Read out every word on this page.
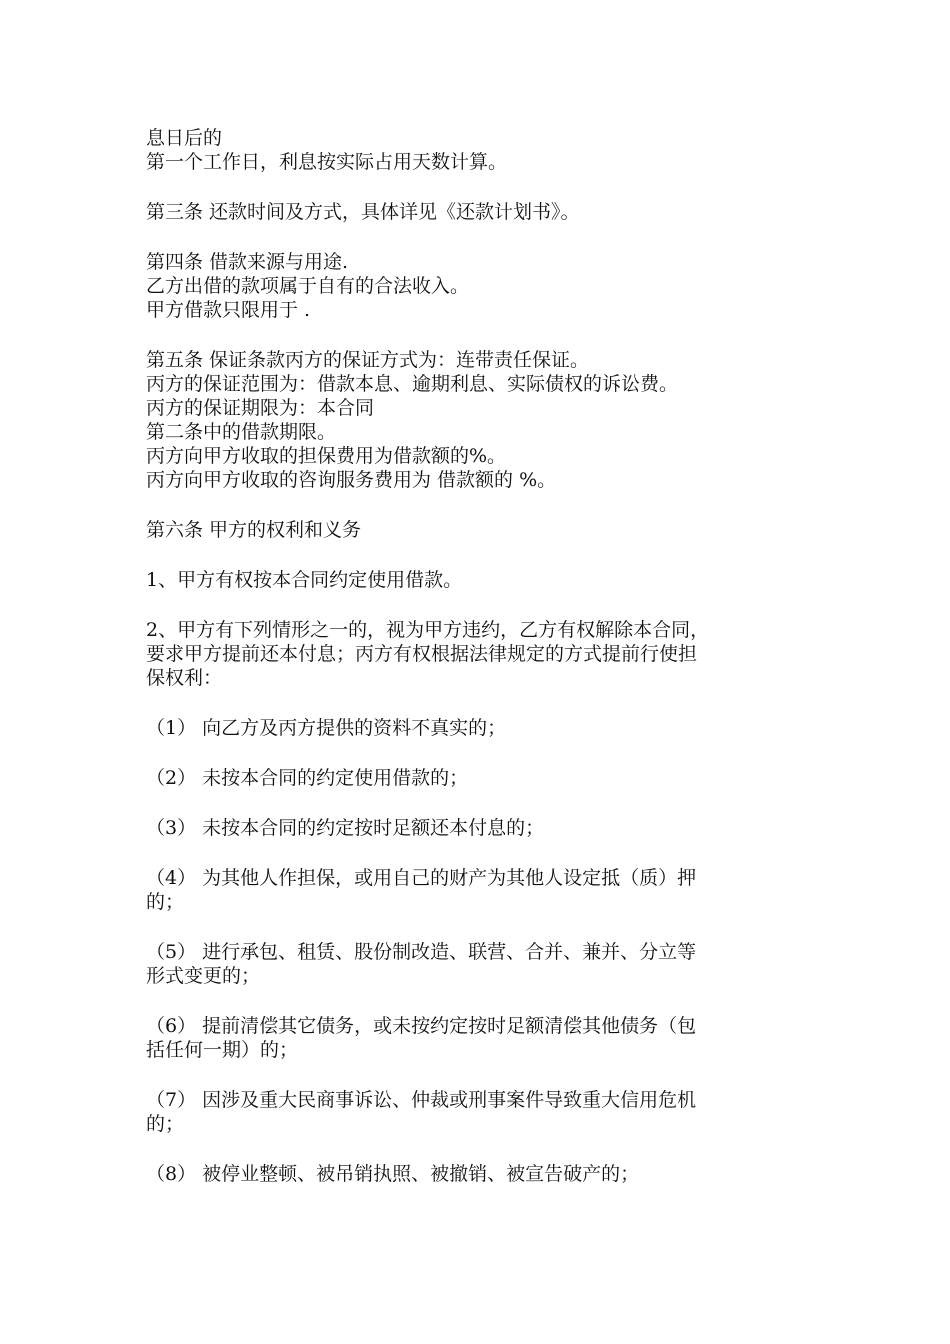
息日后的
第一个工作日，利息按实际占用天数计算。
第三条 还款时间及方式，具体详见《还款计划书》。
第四条 借款来源与用途.
乙方出借的款项属于自有的合法收入。
甲方借款只限用于 .
第五条 保证条款丙方的保证方式为：连带责任保证。
丙方的保证范围为：借款本息、逾期利息、实际债权的诉讼费。
丙方的保证期限为：本合同
第二条中的借款期限。
丙方向甲方收取的担保费用为借款额的%。
丙方向甲方收取的咨询服务费用为 借款额的 %。
第六条 甲方的权利和义务
1、甲方有权按本合同约定使用借款。
2、甲方有下列情形之一的，视为甲方违约，乙方有权解除本合同，
要求甲方提前还本付息；丙方有权根据法律规定的方式提前行使担
保权利：
（1） 向乙方及丙方提供的资料不真实的；
（2） 未按本合同的约定使用借款的；
（3） 未按本合同的约定按时足额还本付息的；
（4） 为其他人作担保，或用自己的财产为其他人设定抵（质）押
的；
（5） 进行承包、租赁、股份制改造、联营、合并、兼并、分立等
形式变更的；
（6） 提前清偿其它债务，或未按约定按时足额清偿其他债务（包
括任何一期）的；
（7） 因涉及重大民商事诉讼、仲裁或刑事案件导致重大信用危机
的；
（8） 被停业整顿、被吊销执照、被撤销、被宣告破产的；
